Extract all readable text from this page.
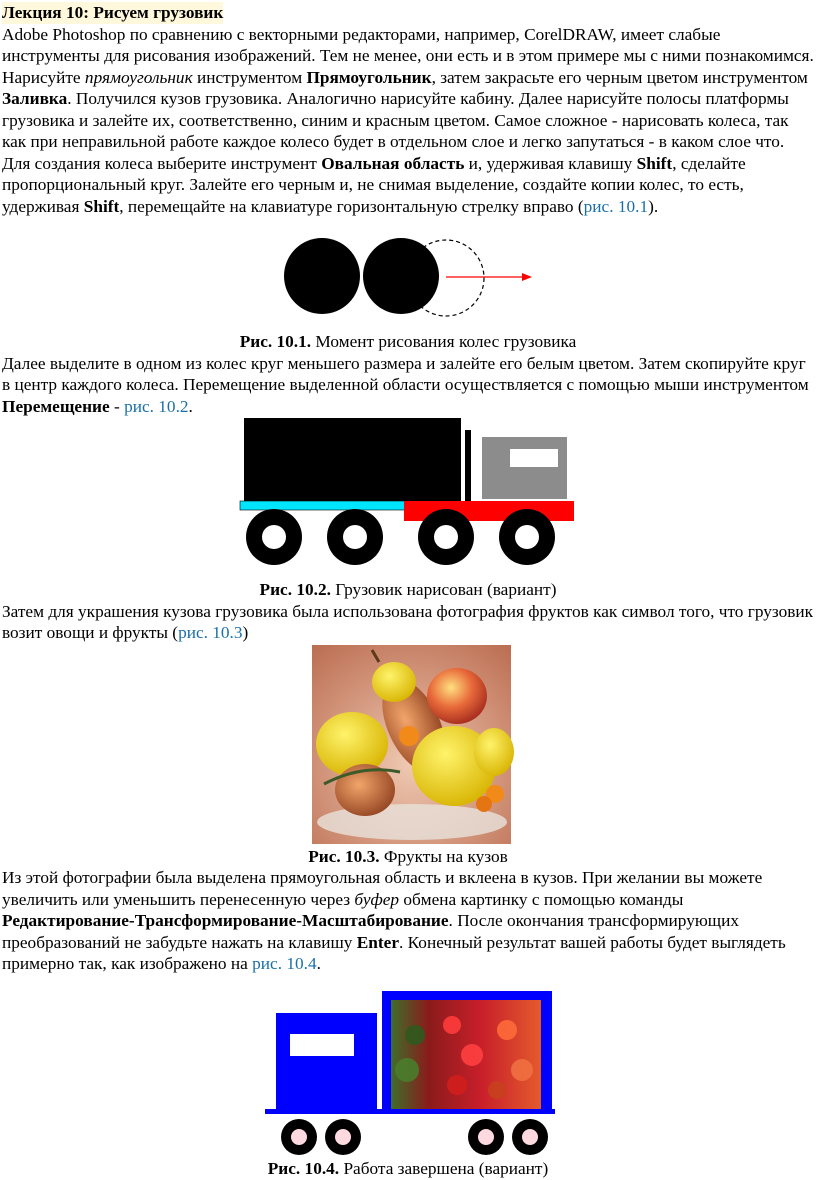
Лекция 10: Рисуем грузовик

Adobe Photoshop по сравнению с векторными редакторами, например, CorelDRAW, имеет слабые инструменты для рисования изображений. Тем не менее, они есть и в этом примере мы с ними познакомимся. Нарисуйте прямоугольник инструментом Прямоугольник, затем закрасьте его черным цветом инструментом Заливка. Получился кузов грузовика. Аналогично нарисуйте кабину. Далее нарисуйте полосы платформы грузовика и залейте их, соответственно, синим и красным цветом. Самое сложное - нарисовать колеса, так как при неправильной работе каждое колесо будет в отдельном слое и легко запутаться - в каком слое что. Для создания колеса выберите инструмент Овальная область и, удерживая клавишу Shift, сделайте пропорциональный круг. Залейте его черным и, не снимая выделение, создайте копии колес, то есть, удерживая Shift, перемещайте на клавиатуре горизонтальную стрелку вправо (рис. 10.1).

Рис. 10.1. Момент рисования колес грузовика

Далее выделите в одном из колес круг меньшего размера и залейте его белым цветом. Затем скопируйте круг в центр каждого колеса. Перемещение выделенной области осуществляется с помощью мыши инструментом Перемещение - рис. 10.2.

Рис. 10.2. Грузовик нарисован (вариант)

Затем для украшения кузова грузовика была использована фотография фруктов как символ того, что грузовик возит овощи и фрукты (рис. 10.3)

Рис. 10.3. Фрукты на кузов

Из этой фотографии была выделена прямоугольная область и вклеена в кузов. При желании вы можете увеличить или уменьшить перенесенную через буфер обмена картинку с помощью команды Редактирование-Трансформирование-Масштабирование. После окончания трансформирующих преобразований не забудьте нажать на клавишу Enter. Конечный результат вашей работы будет выглядеть примерно так, как изображено на рис. 10.4.

Рис. 10.4. Работа завершена (вариант)
